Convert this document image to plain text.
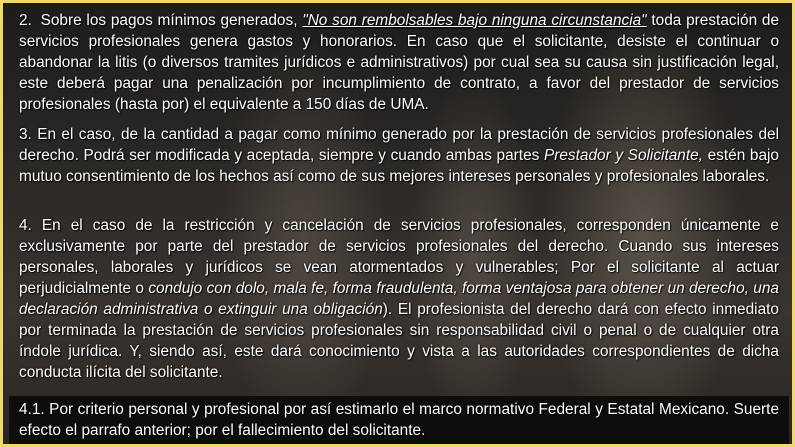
2. Sobre los pagos mínimos generados, "No son rembolsables bajo ninguna circunstancia" toda prestación de servicios profesionales genera gastos y honorarios. En caso que el solicitante, desiste el continuar o abandonar la litis (o diversos tramites jurídicos e administrativos) por cual sea su causa sin justificación legal, este deberá pagar una penalización por incumplimiento de contrato, a favor del prestador de servicios profesionales (hasta por) el equivalente a 150 días de UMA.

3. En el caso, de la cantidad a pagar como mínimo generado por la prestación de servicios profesionales del derecho. Podrá ser modificada y aceptada, siempre y cuando ambas partes Prestador y Solicitante, estén bajo mutuo consentimiento de los hechos así como de sus mejores intereses personales y profesionales laborales.

4. En el caso de la restricción y cancelación de servicios profesionales, corresponden únicamente e exclusivamente por parte del prestador de servicios profesionales del derecho. Cuando sus intereses personales, laborales y jurídicos se vean atormentados y vulnerables; Por el solicitante al actuar perjudicialmente o condujo con dolo, mala fe, forma fraudulenta, forma ventajosa para obtener un derecho, una declaración administrativa o extinguir una obligación). El profesionista del derecho dará con efecto inmediato por terminada la prestación de servicios profesionales sin responsabilidad civil o penal o de cualquier otra índole jurídica. Y, siendo así, este dará conocimiento y vista a las autoridades correspondientes de dicha conducta ilícita del solicitante.

4.1. Por criterio personal y profesional por así estimarlo el marco normativo Federal y Estatal Mexicano. Suerte efecto el parrafo anterior; por el fallecimiento del solicitante.
